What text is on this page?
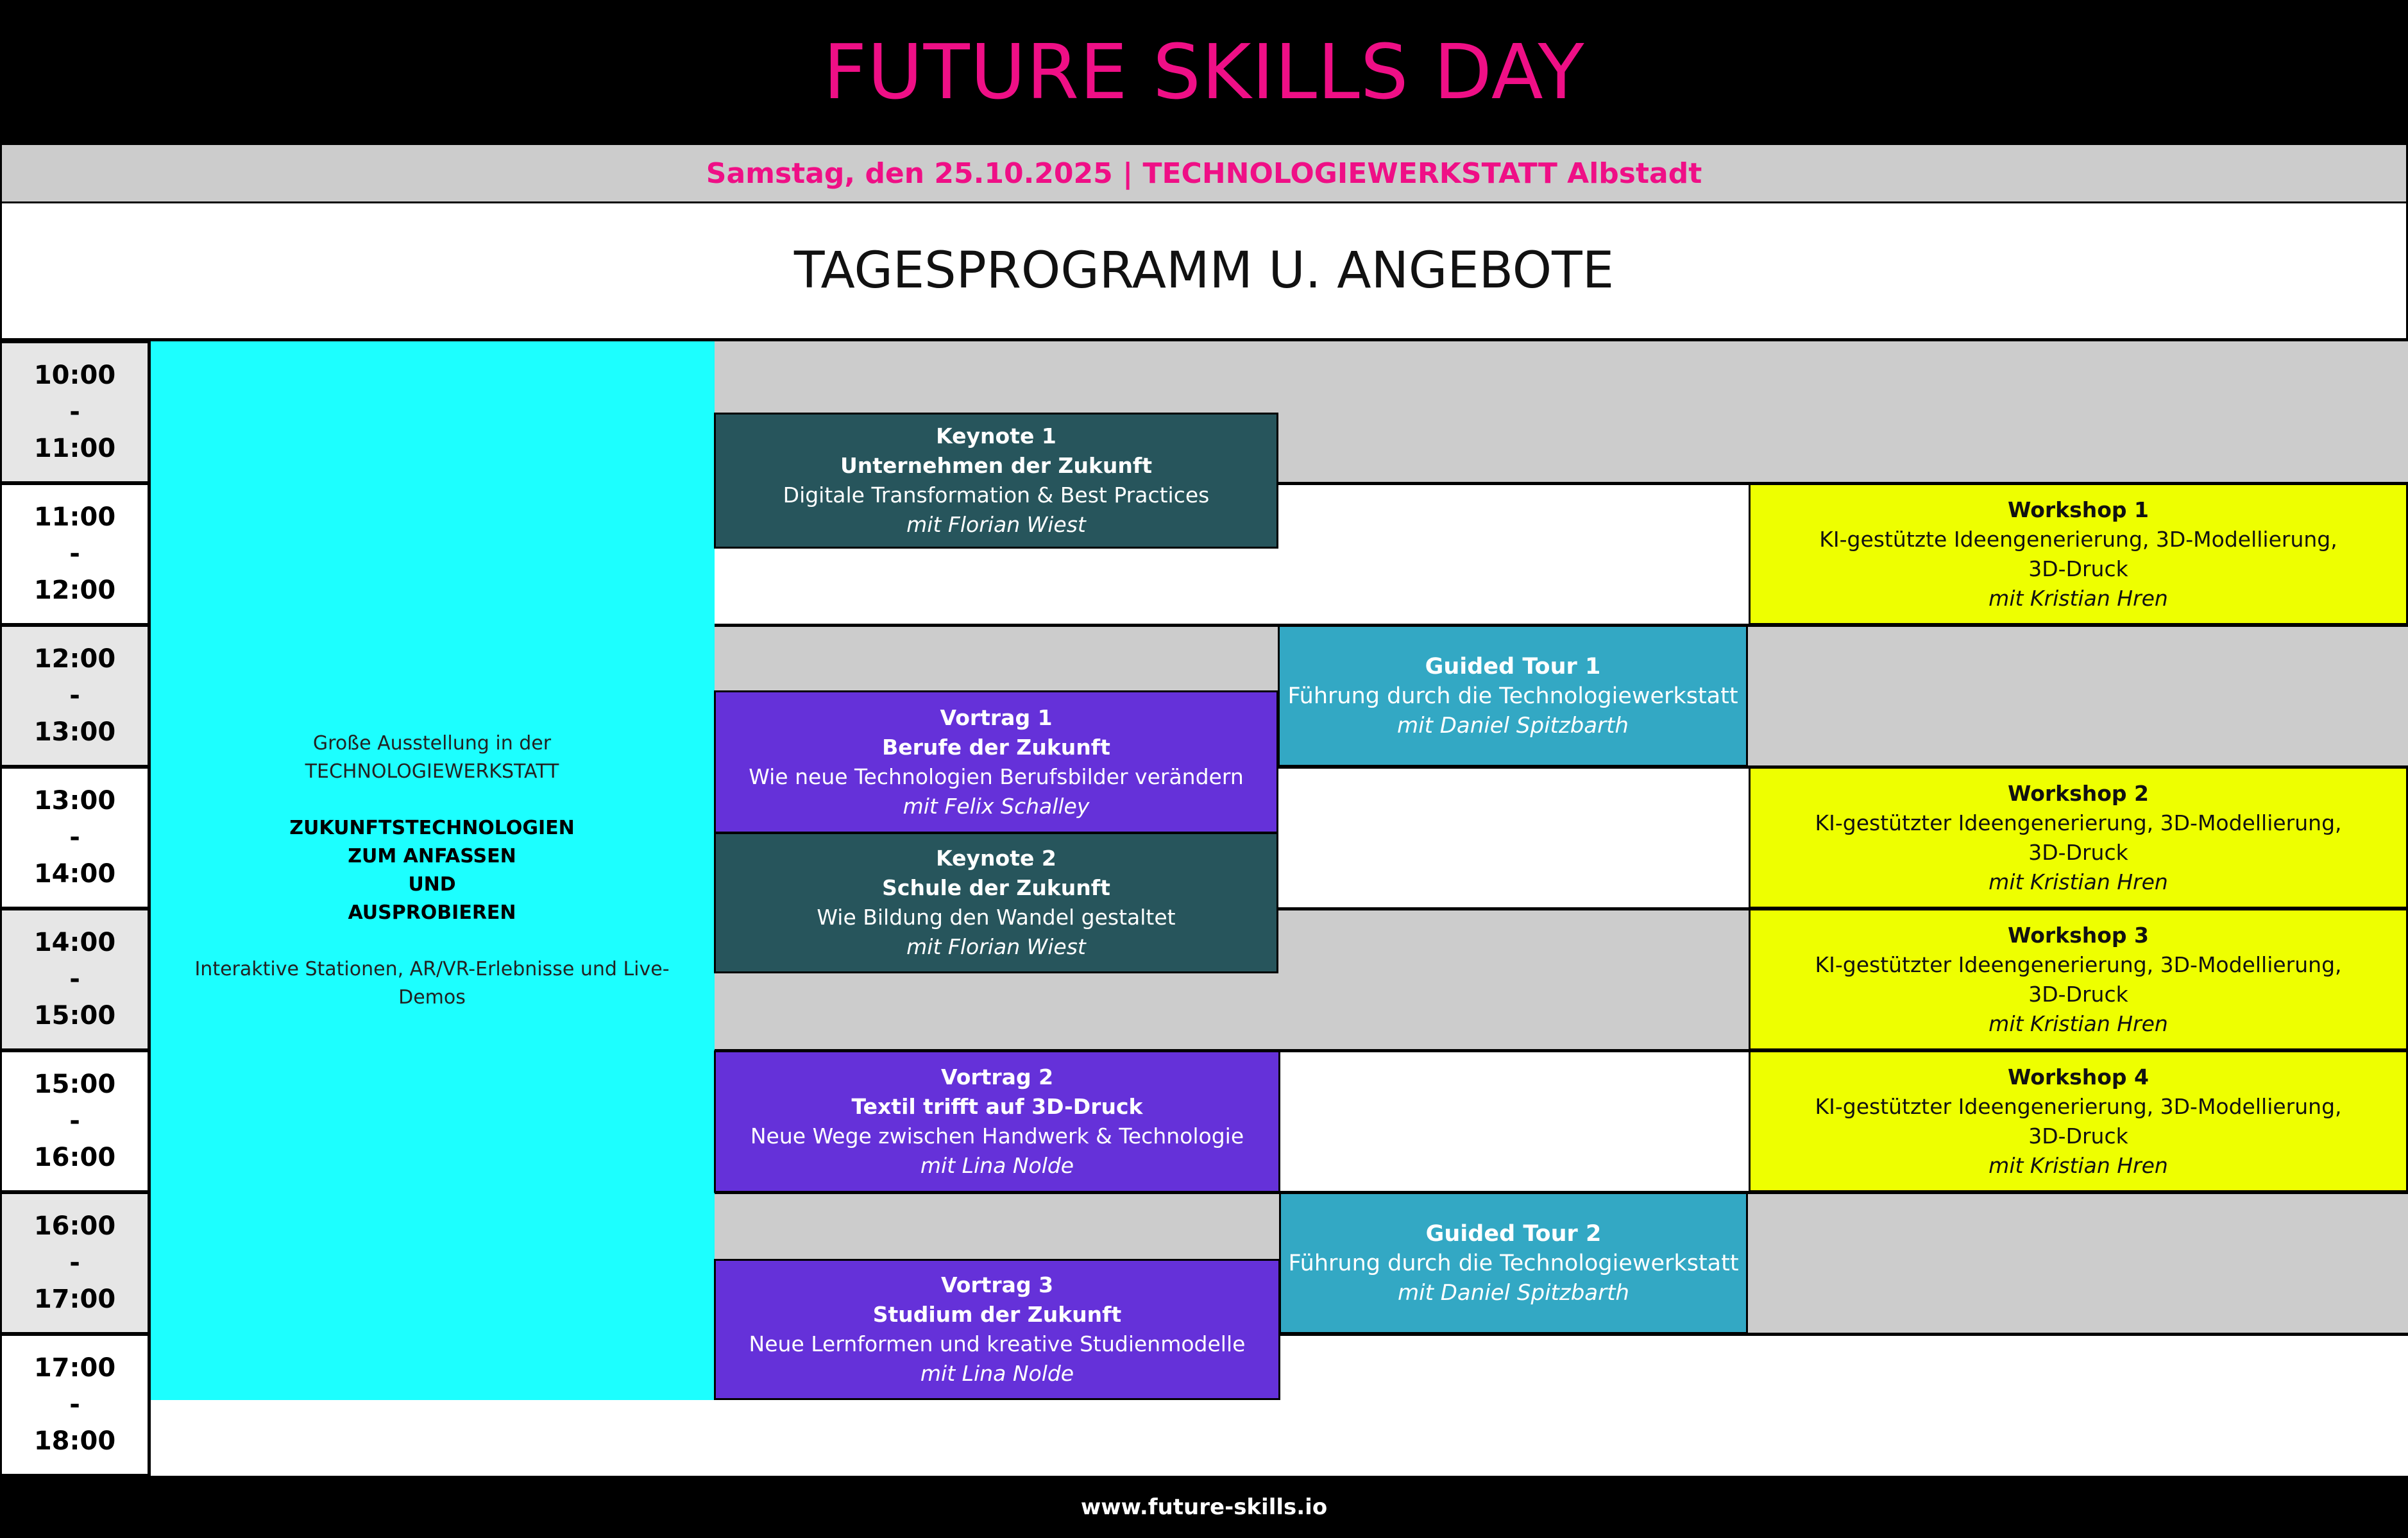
FUTURE SKILLS DAY
Samstag, den 25.10.2025 | TECHNOLOGIEWERKSTATT Albstadt
TAGESPROGRAMM U. ANGEBOTE
10:00
-
11:00
11:00
-
12:00
12:00
-
13:00
13:00
-
14:00
14:00
-
15:00
15:00
-
16:00
16:00
-
17:00
17:00
-
18:00
Große Ausstellung in der TECHNOLOGIEWERKSTATT
ZUKUNFTSTECHNOLOGIEN
ZUM ANFASSEN
UND
AUSPROBIEREN
Interaktive Stationen, AR/VR-Erlebnisse und Live-Demos
Keynote 1
Unternehmen der Zukunft
Digitale Transformation & Best Practices
mit Florian Wiest
Vortrag 1
Berufe der Zukunft
Wie neue Technologien Berufsbilder verändern
mit Felix Schalley
Keynote 2
Schule der Zukunft
Wie Bildung den Wandel gestaltet
mit Florian Wiest
Vortrag 2
Textil trifft auf 3D-Druck
Neue Wege zwischen Handwerk & Technologie
mit Lina Nolde
Vortrag 3
Studium der Zukunft
Neue Lernformen und kreative Studienmodelle
mit Lina Nolde
Guided Tour 1
Führung durch die Technologiewerkstatt
mit Daniel Spitzbarth
Guided Tour 2
Führung durch die Technologiewerkstatt
mit Daniel Spitzbarth
Workshop 1
KI-gestützte Ideengenerierung, 3D-Modellierung,
3D-Druck
mit Kristian Hren
Workshop 2
KI-gestützter Ideengenerierung, 3D-Modellierung,
3D-Druck
mit Kristian Hren
Workshop 3
KI-gestützter Ideengenerierung, 3D-Modellierung,
3D-Druck
mit Kristian Hren
Workshop 4
KI-gestützter Ideengenerierung, 3D-Modellierung,
3D-Druck
mit Kristian Hren
www.future-skills.io
